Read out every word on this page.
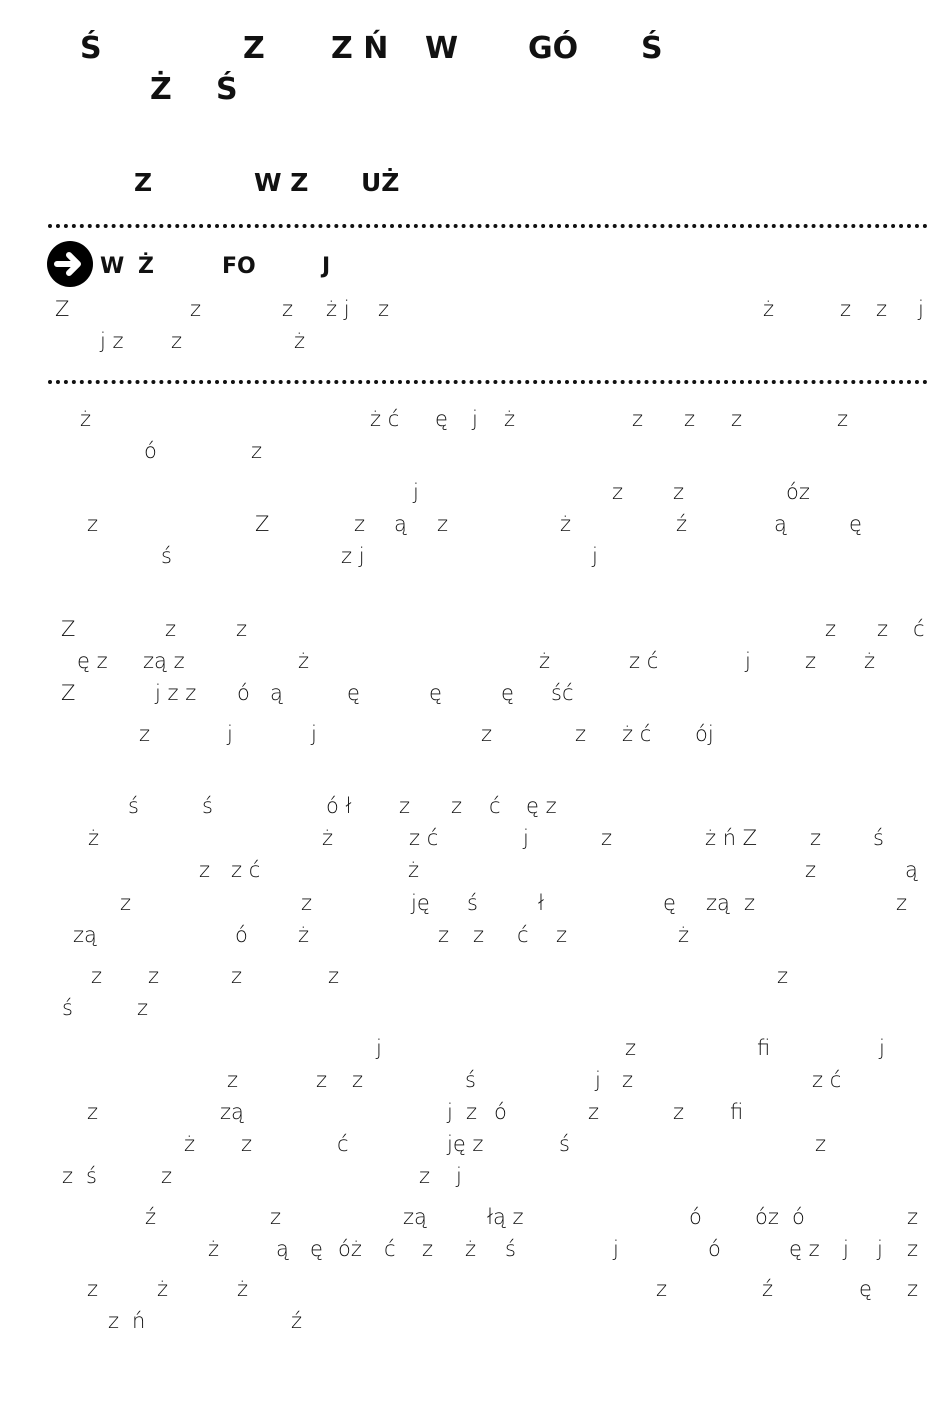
Ś	Z Z Ń W GÓ Ś
Ż Ś
Z	W Z UŻ
W Ż	FO	J
Z	z	z ż j z	ż	z z j
j z z	ż
ż	ż ć ę j ż	z z z	z
ó	z
j	z z	óz
z	Z	z ą z	ż	ź	ą	ę
ś	z j	j
Z	z	z	z z ć
ę z zą z	ż	ż	z ć	j	z ż
Z	j z z ó ą	ę	ę	ę ść
z	j	j	z	z ż ć ój
ś	ś	ó ł z z ć ę z
ż	ż	z ć	j	z	ż ń Z	z ś
z z ć	ż	z	ą
z	z	ję ś	ł	ę zą z	z
zą	ó ż	z z ć z	ż
z z	z	z	z
ś	z
j	z	fi	j
z	z z	ś	j z	z ć
z	zą	j z ó	z	z fi
ż z	ć	ję z	ś	z
z ś	z	z j
ź	z	zą	łą z	ó	óz ó	z
ż	ą ę óż ć z ż ś	j	ó	ę z j j z
z	ż	ż	z	ź	ę z
z ń	ź
